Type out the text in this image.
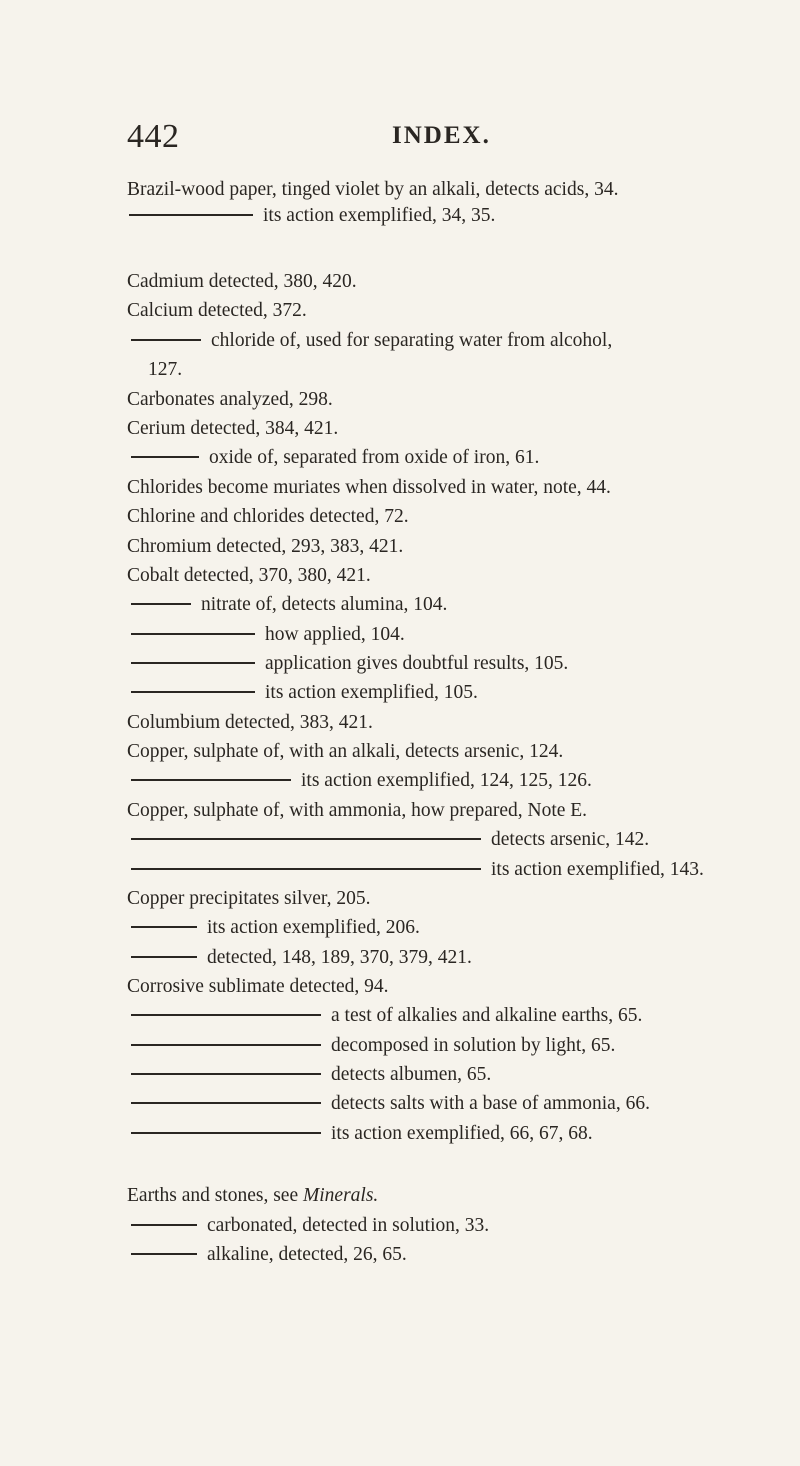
442	INDEX.
Brazil-wood paper, tinged violet by an alkali, detects acids, 34.
its action exemplified, 34, 35.
Cadmium detected, 380, 420.
Calcium detected, 372.
chloride of, used for separating water from alcohol,
127.
Carbonates analyzed, 298.
Cerium detected, 384, 421.
oxide of, separated from oxide of iron, 61.
Chlorides become muriates when dissolved in water, note, 44.
Chlorine and chlorides detected, 72.
Chromium detected, 293, 383, 421.
Cobalt detected, 370, 380, 421.
nitrate of, detects alumina, 104.
how applied, 104.
application gives doubtful results, 105.
its action exemplified, 105.
Columbium detected, 383, 421.
Copper, sulphate of, with an alkali, detects arsenic, 124.
its action exemplified, 124, 125, 126.
Copper, sulphate of, with ammonia, how prepared, Note E.
detects arsenic, 142.
its action exemplified, 143.
Copper precipitates silver, 205.
its action exemplified, 206.
detected, 148, 189, 370, 379, 421.
Corrosive sublimate detected, 94.
a test of alkalies and alkaline earths, 65.
decomposed in solution by light, 65.
detects albumen, 65.
detects salts with a base of ammonia, 66.
its action exemplified, 66, 67, 68.
Earths and stones, see Minerals.
carbonated, detected in solution, 33.
alkaline, detected, 26, 65.
